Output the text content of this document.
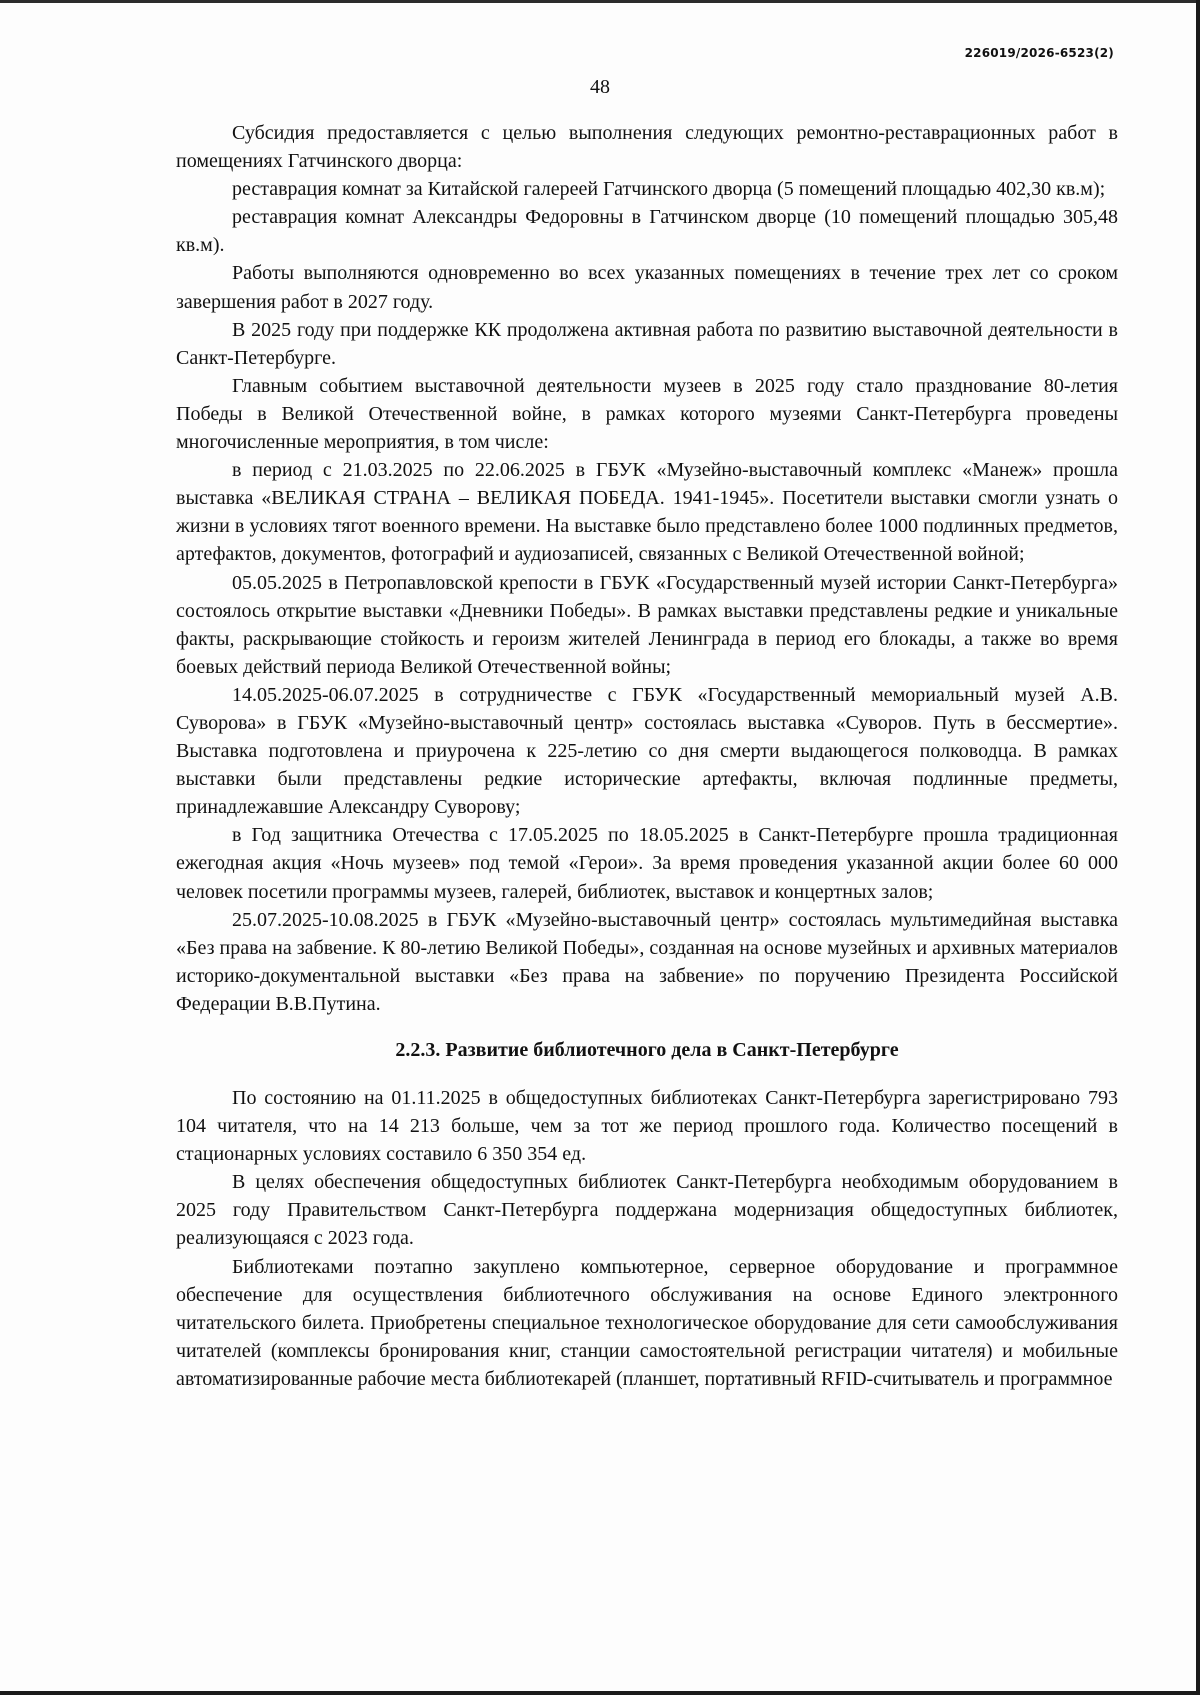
226019/2026-6523(2)
48

Субсидия предоставляется с целью выполнения следующих ремонтно-реставрационных работ в помещениях Гатчинского дворца:

реставрация комнат за Китайской галереей Гатчинского дворца (5 помещений площадью 402,30 кв.м);

реставрация комнат Александры Федоровны в Гатчинском дворце (10 помещений площадью 305,48 кв.м).

Работы выполняются одновременно во всех указанных помещениях в течение трех лет со сроком завершения работ в 2027 году.

В 2025 году при поддержке КК продолжена активная работа по развитию выставочной деятельности в Санкт-Петербурге.

Главным событием выставочной деятельности музеев в 2025 году стало празднование 80-летия Победы в Великой Отечественной войне, в рамках которого музеями Санкт-Петербурга проведены многочисленные мероприятия, в том числе:

в период с 21.03.2025 по 22.06.2025 в ГБУК «Музейно-выставочный комплекс «Манеж» прошла выставка «ВЕЛИКАЯ СТРАНА – ВЕЛИКАЯ ПОБЕДА. 1941-1945». Посетители выставки смогли узнать о жизни в условиях тягот военного времени. На выставке было представлено более 1000 подлинных предметов, артефактов, документов, фотографий и аудиозаписей, связанных с Великой Отечественной войной;

05.05.2025 в Петропавловской крепости в ГБУК «Государственный музей истории Санкт-Петербурга» состоялось открытие выставки «Дневники Победы». В рамках выставки представлены редкие и уникальные факты, раскрывающие стойкость и героизм жителей Ленинграда в период его блокады, а также во время боевых действий периода Великой Отечественной войны;

14.05.2025-06.07.2025 в сотрудничестве с ГБУК «Государственный мемориальный музей А.В. Суворова» в ГБУК «Музейно-выставочный центр» состоялась выставка «Суворов. Путь в бессмертие». Выставка подготовлена и приурочена к 225-летию со дня смерти выдающегося полководца. В рамках выставки были представлены редкие исторические артефакты, включая подлинные предметы, принадлежавшие Александру Суворову;

в Год защитника Отечества с 17.05.2025 по 18.05.2025 в Санкт-Петербурге прошла традиционная ежегодная акция «Ночь музеев» под темой «Герои». За время проведения указанной акции более 60 000 человек посетили программы музеев, галерей, библиотек, выставок и концертных залов;

25.07.2025-10.08.2025 в ГБУК «Музейно-выставочный центр» состоялась мультимедийная выставка «Без права на забвение. К 80-летию Великой Победы», созданная на основе музейных и архивных материалов историко-документальной выставки «Без права на забвение» по поручению Президента Российской Федерации В.В.Путина.

2.2.3. Развитие библиотечного дела в Санкт-Петербурге

По состоянию на 01.11.2025 в общедоступных библиотеках Санкт-Петербурга зарегистрировано 793 104 читателя, что на 14 213 больше, чем за тот же период прошлого года. Количество посещений в стационарных условиях составило 6 350 354 ед.

В целях обеспечения общедоступных библиотек Санкт-Петербурга необходимым оборудованием в 2025 году Правительством Санкт-Петербурга поддержана модернизация общедоступных библиотек, реализующаяся с 2023 года.

Библиотеками поэтапно закуплено компьютерное, серверное оборудование и программное обеспечение для осуществления библиотечного обслуживания на основе Единого электронного читательского билета. Приобретены специальное технологическое оборудование для сети самообслуживания читателей (комплексы бронирования книг, станции самостоятельной регистрации читателя) и мобильные автоматизированные рабочие места библиотекарей (планшет, портативный RFID-считыватель и программное
